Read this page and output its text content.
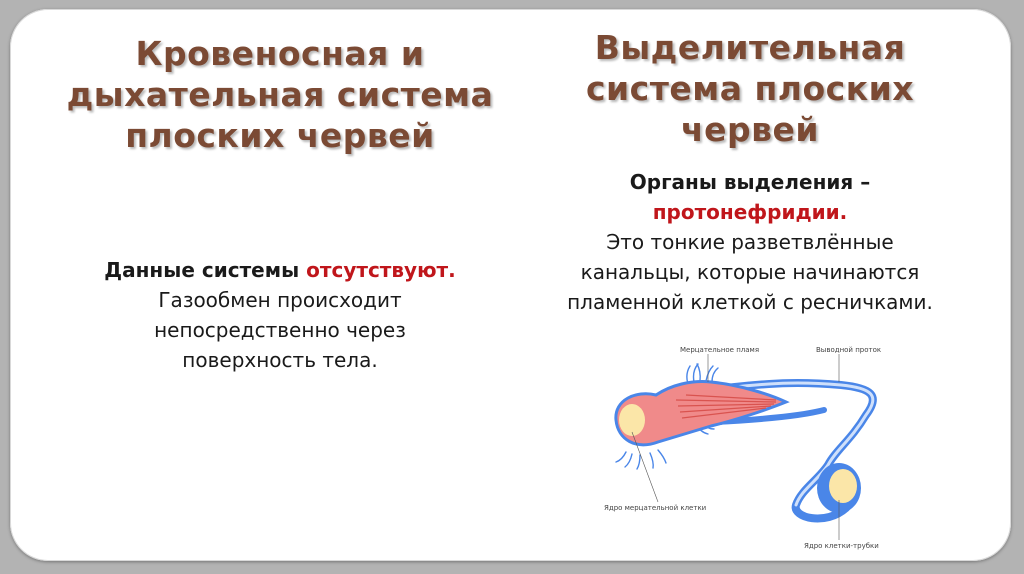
Кровеносная и
дыхательная система
плоских червей
Выделительная
система плоских
червей
Данные системы отсутствуют.
Газообмен происходит
непосредственно через
поверхность тела.
Органы выделения –
протонефридии.
Это тонкие разветвлённые
канальцы, которые начинаются
пламенной клеткой с ресничками.
Мерцательное пламя	Выводной проток
Ядро мерцательной клетки
Ядро клетки-трубки
